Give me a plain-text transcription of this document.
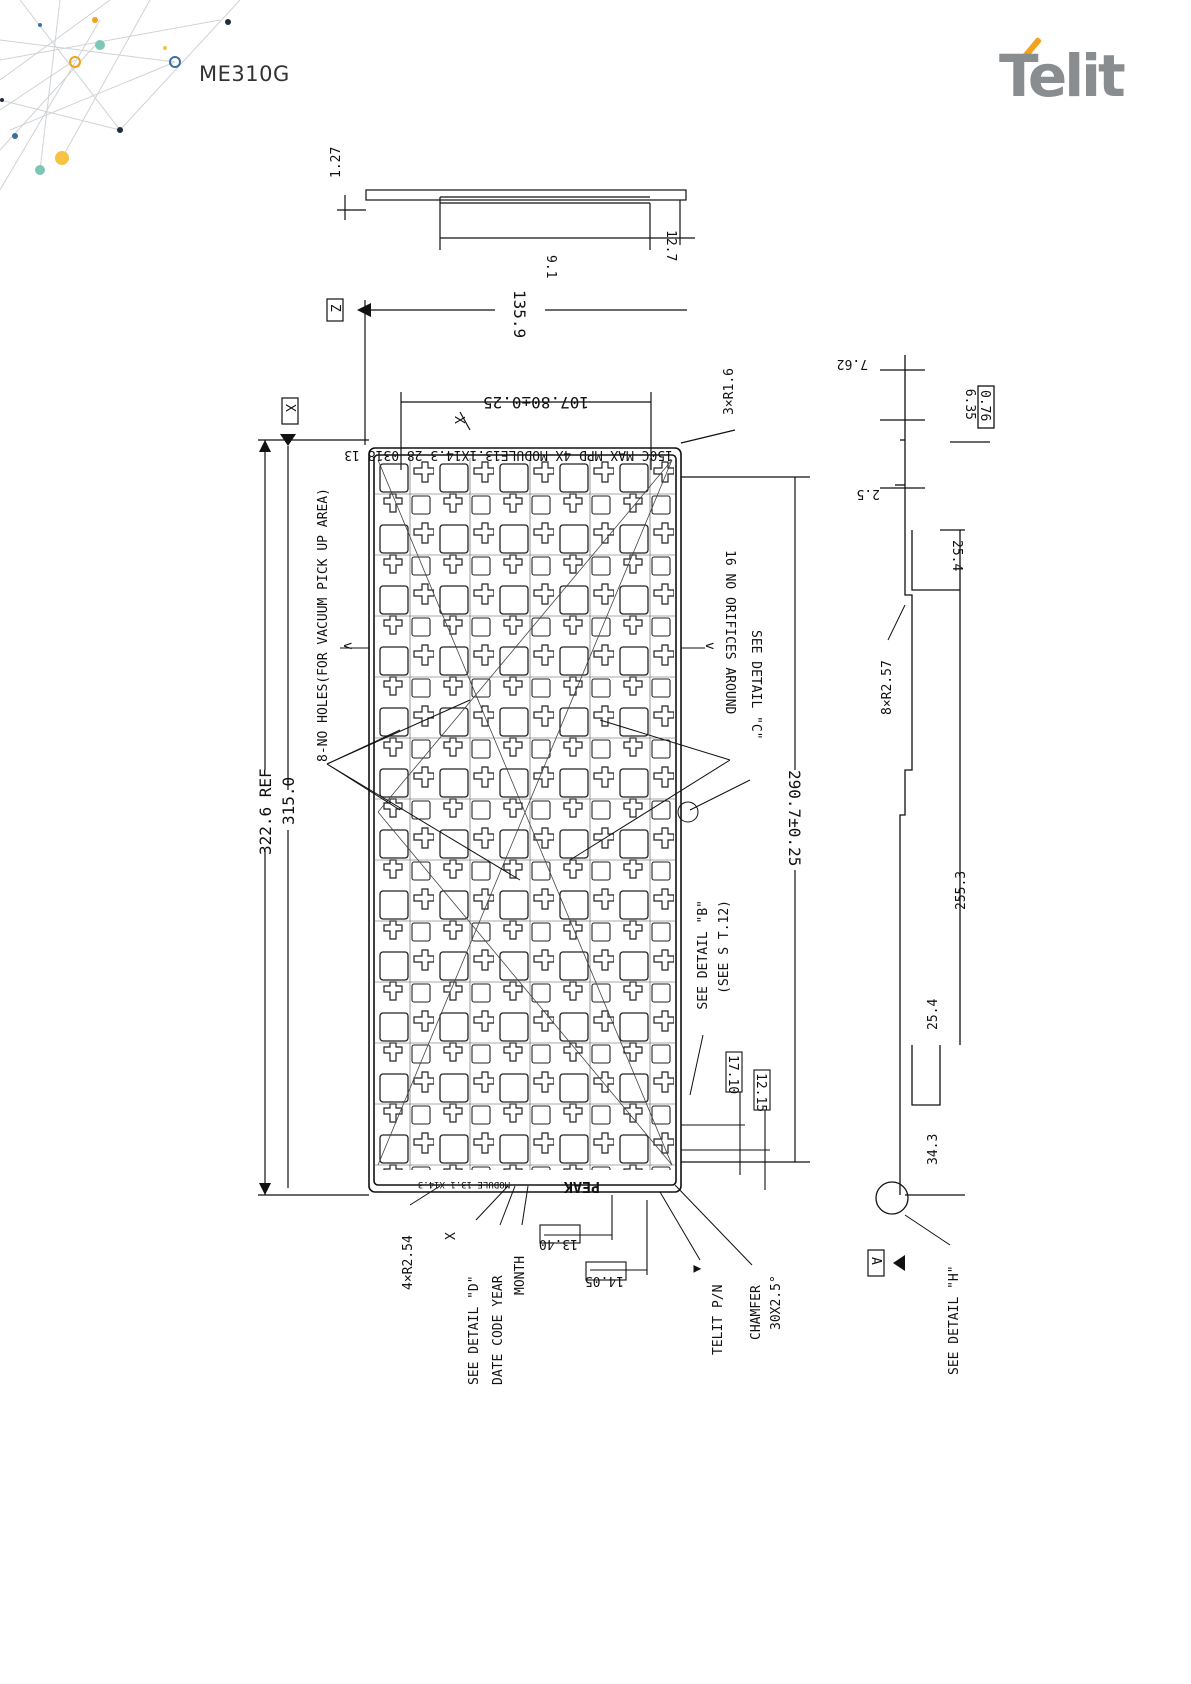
ME310G	Telit
1.27
9.1
12.7
Z	135.9
107.80±0.25
X
150C MAX MPD 4X MODULE13.1X14.3 28 0318 13
PEAK
MODULE 13.1 X14.3
X
322.6 REF 315.0
8-NO HOLES(FOR VACUUM PICK UP AREA) v	v
290.7±0.25
3×R1.6
16 NO ORIFICES AROUND SEE DETAIL "C"
SEE DETAIL "B" (SEE S T.12)
17.10 12.15
13.40
14.05
▲
4×R2.54 X
SEE DETAIL "D" DATE CODE YEAR MONTH
TELIT P/N CHAMFER 30X2.5°
7.62
6.35 0.76
2.5
25.4
8×R2.57
255.3
25.4
34.3
A
SEE DETAIL "H"
